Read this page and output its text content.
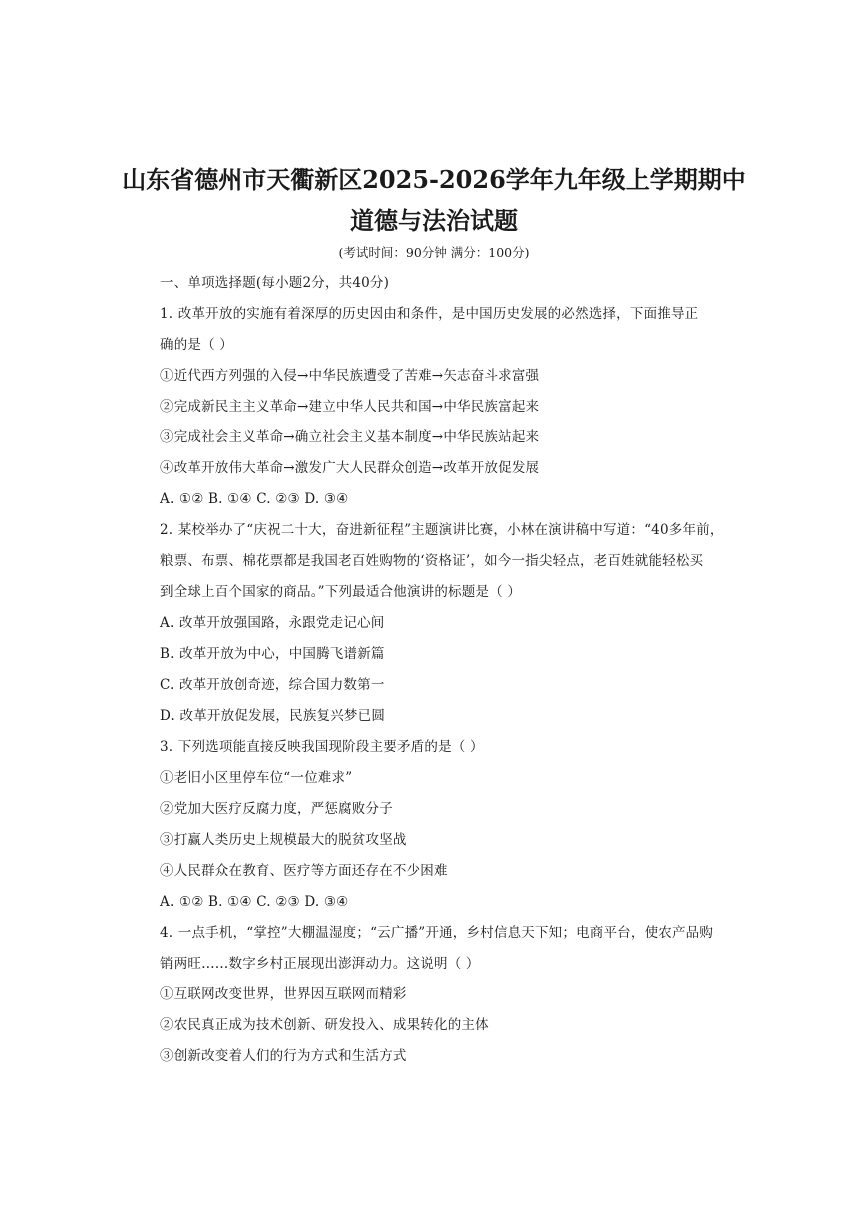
山东省德州市天衢新区2025-2026学年九年级上学期期中
道德与法治试题
(考试时间：90分钟 满分：100分)
一、单项选择题(每小题2分，共40分)
1. 改革开放的实施有着深厚的历史因由和条件，是中国历史发展的必然选择，下面推导正
确的是（ ）
①近代西方列强的入侵→中华民族遭受了苦难→矢志奋斗求富强
②完成新民主主义革命→建立中华人民共和国→中华民族富起来
③完成社会主义革命→确立社会主义基本制度→中华民族站起来
④改革开放伟大革命→激发广大人民群众创造→改革开放促发展
A. ①② B. ①④ C. ②③ D. ③④
2. 某校举办了“庆祝二十大，奋进新征程”主题演讲比赛，小林在演讲稿中写道：“40多年前，
粮票、布票、棉花票都是我国老百姓购物的‘资格证’，如今一指尖轻点，老百姓就能轻松买
到全球上百个国家的商品。”下列最适合他演讲的标题是（ ）
A. 改革开放强国路，永跟党走记心间
B. 改革开放为中心，中国腾飞谱新篇
C. 改革开放创奇迹，综合国力数第一
D. 改革开放促发展，民族复兴梦已圆
3. 下列选项能直接反映我国现阶段主要矛盾的是（ ）
①老旧小区里停车位“一位难求”
②党加大医疗反腐力度，严惩腐败分子
③打赢人类历史上规模最大的脱贫攻坚战
④人民群众在教育、医疗等方面还存在不少困难
A. ①② B. ①④ C. ②③ D. ③④
4. 一点手机，“掌控”大棚温湿度；“云广播”开通，乡村信息天下知；电商平台，使农产品购
销两旺……数字乡村正展现出澎湃动力。这说明（ ）
①互联网改变世界，世界因互联网而精彩
②农民真正成为技术创新、研发投入、成果转化的主体
③创新改变着人们的行为方式和生活方式
